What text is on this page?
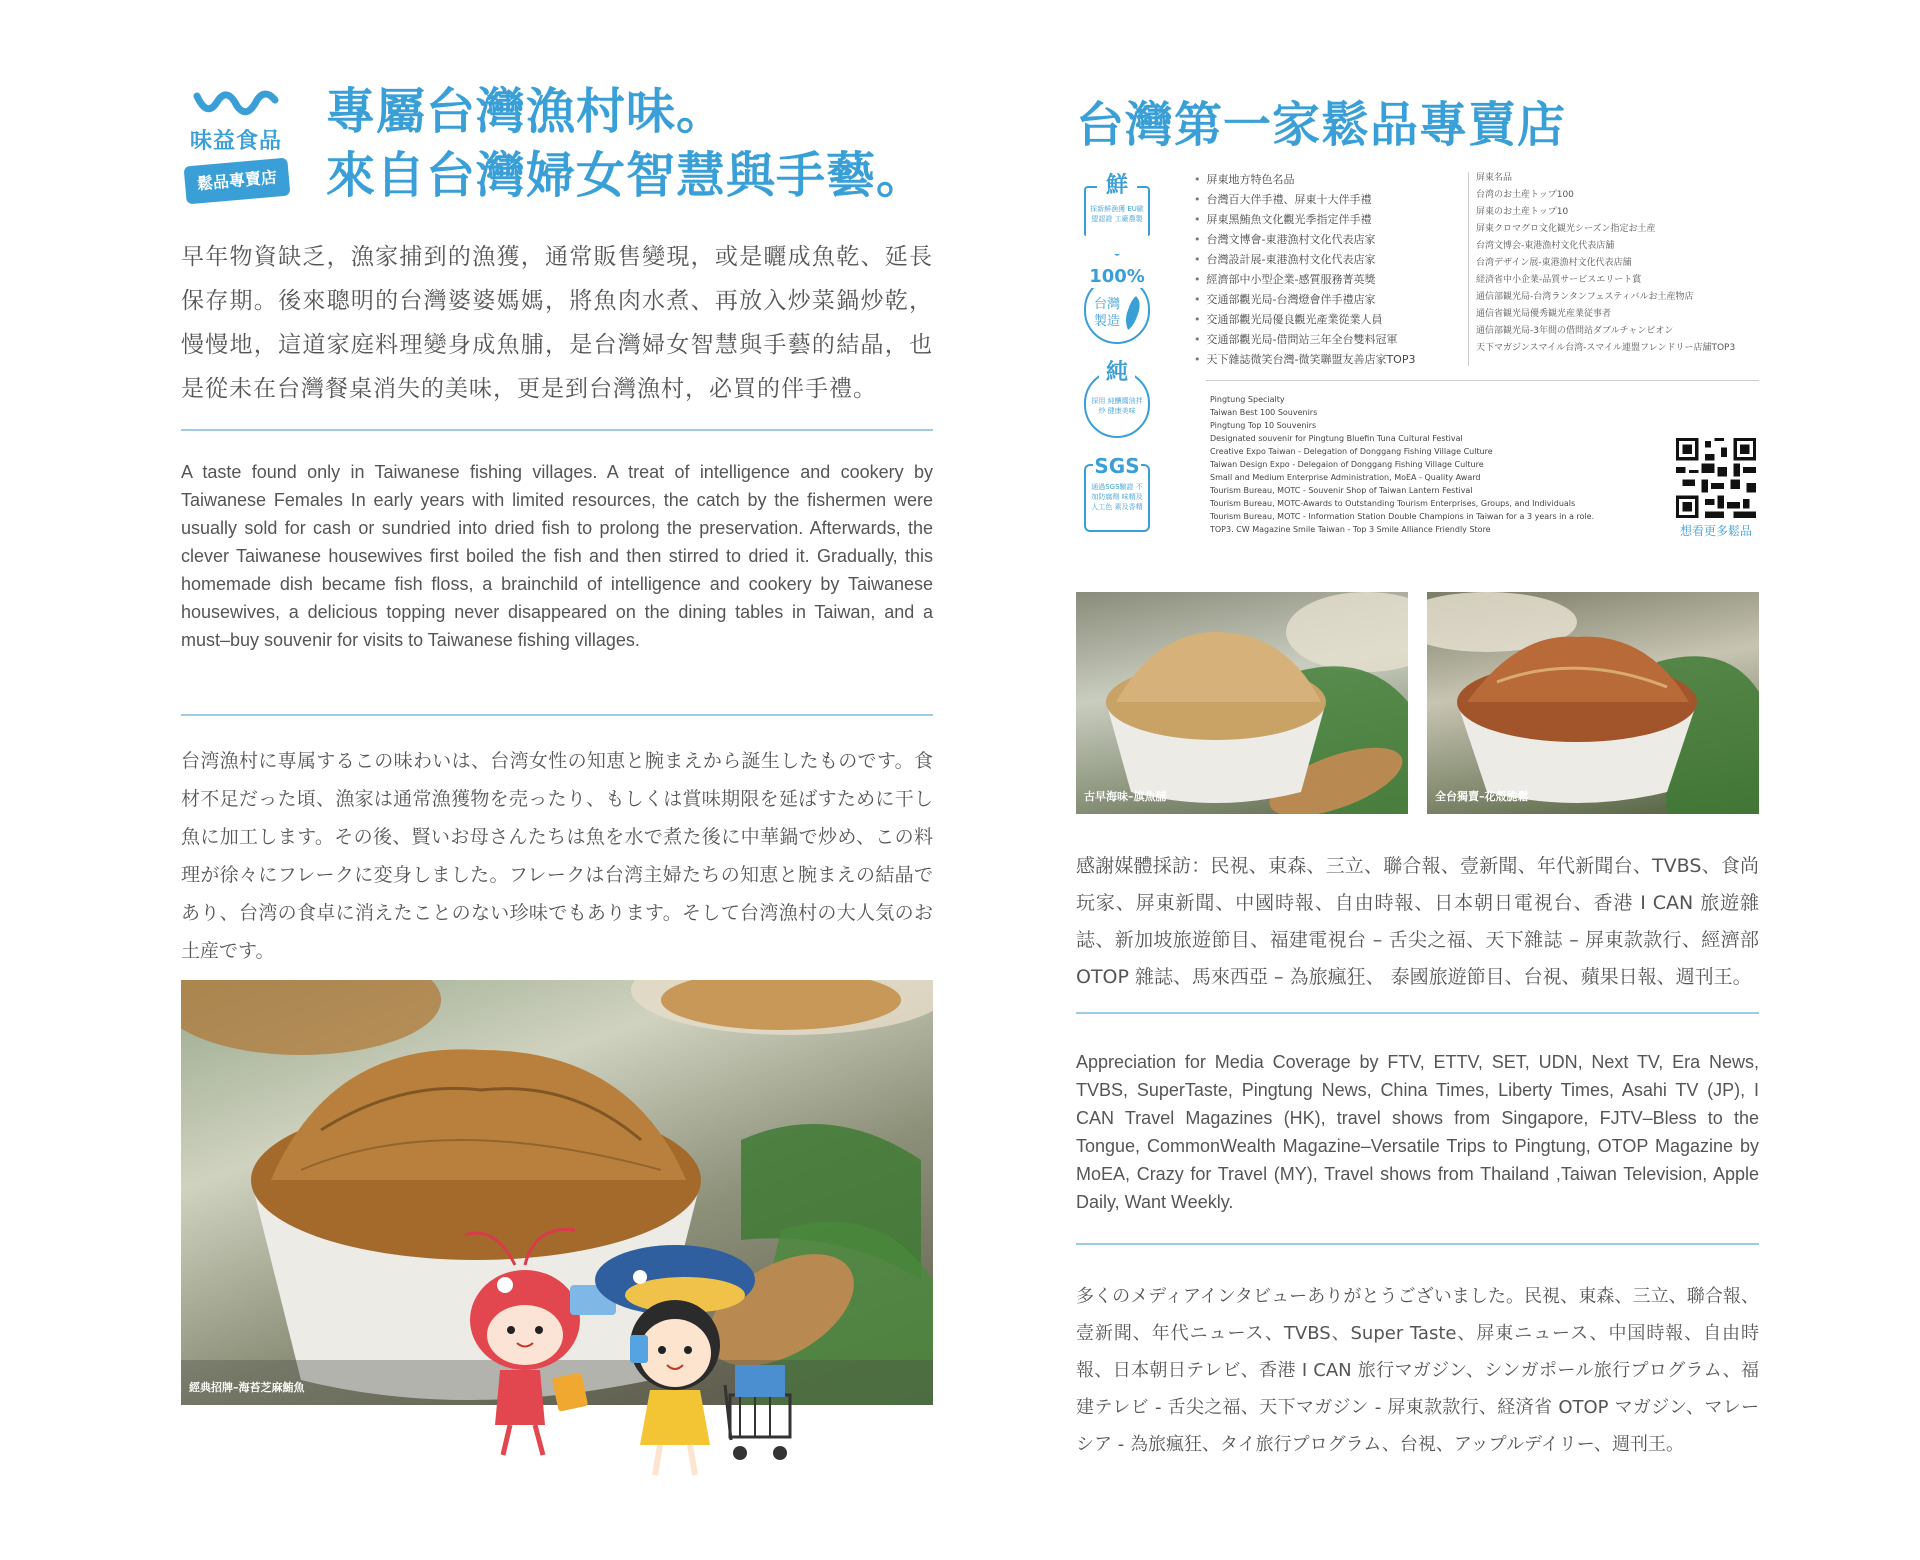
味益食品
鬆品專賣店
專屬台灣漁村味。
來自台灣婦女智慧與手藝。

早年物資缺乏，漁家捕到的漁獲，通常販售變現，或是曬成魚乾、延長保存期。後來聰明的台灣婆婆媽媽，將魚肉水煮、再放入炒菜鍋炒乾，慢慢地，這道家庭料理變身成魚脯，是台灣婦女智慧與手藝的結晶，也是從未在台灣餐桌消失的美味，更是到台灣漁村，必買的伴手禮。

A taste found only in Taiwanese fishing villages. A treat of intelligence and cookery by Taiwanese Females In early years with limited resources, the catch by the fishermen were usually sold for cash or sundried into dried fish to prolong the preservation. Afterwards, the clever Taiwanese housewives first boiled the fish and then stirred to dried it. Gradually, this homemade dish became fish floss, a brainchild of intelligence and cookery by Taiwanese housewives, a delicious topping never disappeared on the dining tables in Taiwan, and a must–buy souvenir for visits to Taiwanese fishing villages.

台湾漁村に専属するこの味わいは、台湾女性の知恵と腕まえから誕生したものです。食材不足だった頃、漁家は通常漁獲物を売ったり、もしくは賞味期限を延ばすために干し魚に加工します。その後、賢いお母さんたちは魚を水で煮た後に中華鍋で炒め、この料理が徐々にフレークに変身しました。フレークは台湾主婦たちの知恵と腕まえの結晶であり、台湾の食卓に消えたことのない珍味でもあります。そして台湾漁村の大人気のお土産です。

經典招牌–海苔芝麻鮪魚
台灣第一家鬆品專賣店
鮮
採新鮮漁獲 EU歐盟認證 工廠農製
100%
台灣 製造
純
採用 純釀醬油拌炒 健康美味
SGS
通過SGS驗證 不加防腐劑 味精及人工色 素及香精
• 屏東地方特色名品
• 台灣百大伴手禮、屏東十大伴手禮
• 屏東黑鮪魚文化觀光季指定伴手禮
• 台灣文博會-東港漁村文化代表店家
• 台灣設計展-東港漁村文化代表店家
• 經濟部中小型企業-感質服務菁英獎
• 交通部觀光局-台灣燈會伴手禮店家
• 交通部觀光局優良觀光產業從業人員
• 交通部觀光局-借問站三年全台雙料冠軍
• 天下雜誌微笑台灣-微笑聯盟友善店家TOP3
屏東名品
台湾のお土産トップ100
屏東のお土産トップ10
屏東クロマグロ文化観光シーズン指定お土産
台湾文博会-東港漁村文化代表店舗
台湾デザイン展-東港漁村文化代表店舗
経済省中小企業-品質サービスエリート賞
通信部観光局-台湾ランタンフェスティバルお土産物店
通信省観光局優秀観光産業従事者
通信部観光局-3年間の借問站ダブルチャンピオン
天下マガジンスマイル台湾-スマイル連盟フレンドリー店舗TOP3
Pingtung Specialty
Taiwan Best 100 Souvenirs
Pingtung Top 10 Souvenirs
Designated souvenir for Pingtung Bluefin Tuna Cultural Festival
Creative Expo Taiwan - Delegation of Donggang Fishing Village Culture
Taiwan Design Expo - Delegaion of Donggang Fishing Village Culture
Small and Medium Enterprise Administration, MoEA - Quality Award
Tourism Bureau, MOTC - Souvenir Shop of Taiwan Lantern Festival
Tourism Bureau, MOTC-Awards to Outstanding Tourism Enterprises, Groups, and Individuals
Tourism Bureau, MOTC - Information Station Double Champions in Taiwan for a 3 years in a role.
TOP3. CW Magazine Smile Taiwan - Top 3 Smile Alliance Friendly Store	想看更多鬆品
古早海味–旗魚脯	全台獨賣–花殼脆鬆

感謝媒體採訪：民視、東森、三立、聯合報、壹新聞、年代新聞台、TVBS、食尚玩家、屏東新聞、中國時報、自由時報、日本朝日電視台、香港 I CAN 旅遊雜誌、新加坡旅遊節目、福建電視台 – 舌尖之福、天下雜誌 – 屏東款款行、經濟部 OTOP 雜誌、馬來西亞 – 為旅瘋狂、 泰國旅遊節目、台視、蘋果日報、週刊王。

Appreciation for Media Coverage by FTV, ETTV, SET, UDN, Next TV, Era News, TVBS, SuperTaste, Pingtung News, China Times, Liberty Times, Asahi TV (JP), I CAN Travel Magazines (HK), travel shows from Singapore, FJTV–Bless to the Tongue, CommonWealth Magazine–Versatile Trips to Pingtung, OTOP Magazine by MoEA, Crazy for Travel (MY), Travel shows from Thailand ,Taiwan Television, Apple Daily, Want Weekly.

多くのメディアインタビューありがとうございました。民視、東森、三立、聯合報、壹新聞、年代ニュース、TVBS、Super Taste、屏東ニュース、中国時報、自由時報、日本朝日テレビ、香港 I CAN 旅行マガジン、シンガポール旅行プログラム、福建テレビ - 舌尖之福、天下マガジン - 屏東款款行、経済省 OTOP マガジン、マレーシア - 為旅瘋狂、タイ旅行プログラム、台視、アップルデイリー、週刊王。
